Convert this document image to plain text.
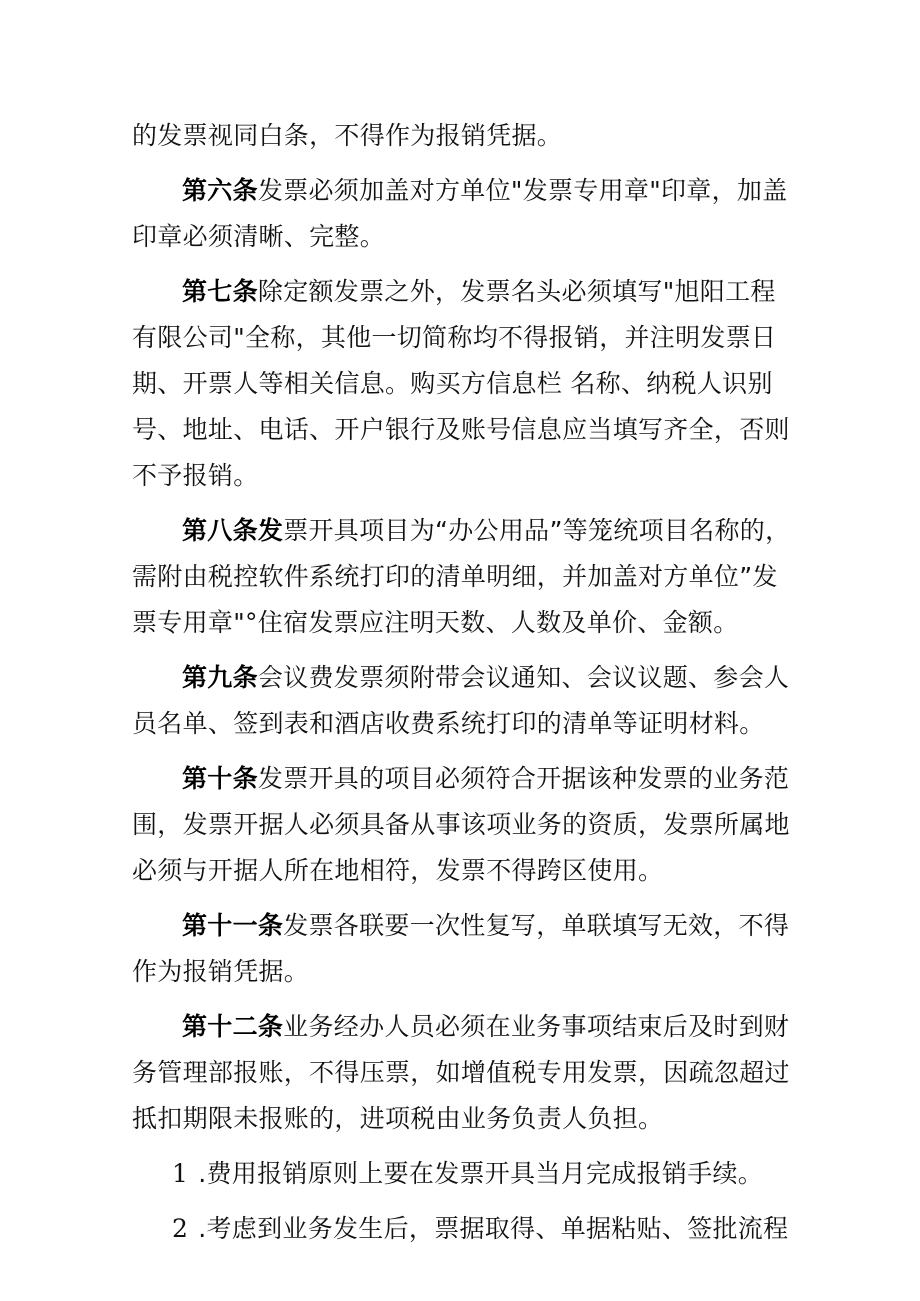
的发票视同白条，不得作为报销凭据。

第六条发票必须加盖对方单位"发票专用章"印章，加盖印章必须清晰、完整。

第七条除定额发票之外，发票名头必须填写"旭阳工程有限公司"全称，其他一切简称均不得报销，并注明发票日期、开票人等相关信息。购买方信息栏 名称、纳税人识别号、地址、电话、开户银行及账号信息应当填写齐全，否则不予报销。

第八条发票开具项目为“办公用品”等笼统项目名称的，需附由税控软件系统打印的清单明细，并加盖对方单位”发票专用章"°住宿发票应注明天数、人数及单价、金额。

第九条会议费发票须附带会议通知、会议议题、参会人员名单、签到表和酒店收费系统打印的清单等证明材料。

第十条发票开具的项目必须符合开据该种发票的业务范围，发票开据人必须具备从事该项业务的资质，发票所属地必须与开据人所在地相符，发票不得跨区使用。

第十一条发票各联要一次性复写，单联填写无效，不得作为报销凭据。

第十二条业务经办人员必须在业务事项结束后及时到财务管理部报账，不得压票，如增值税专用发票，因疏忽超过抵扣期限未报账的，进项税由业务负责人负担。

1 .费用报销原则上要在发票开具当月完成报销手续。

2 .考虑到业务发生后，票据取得、单据粘贴、签批流程
